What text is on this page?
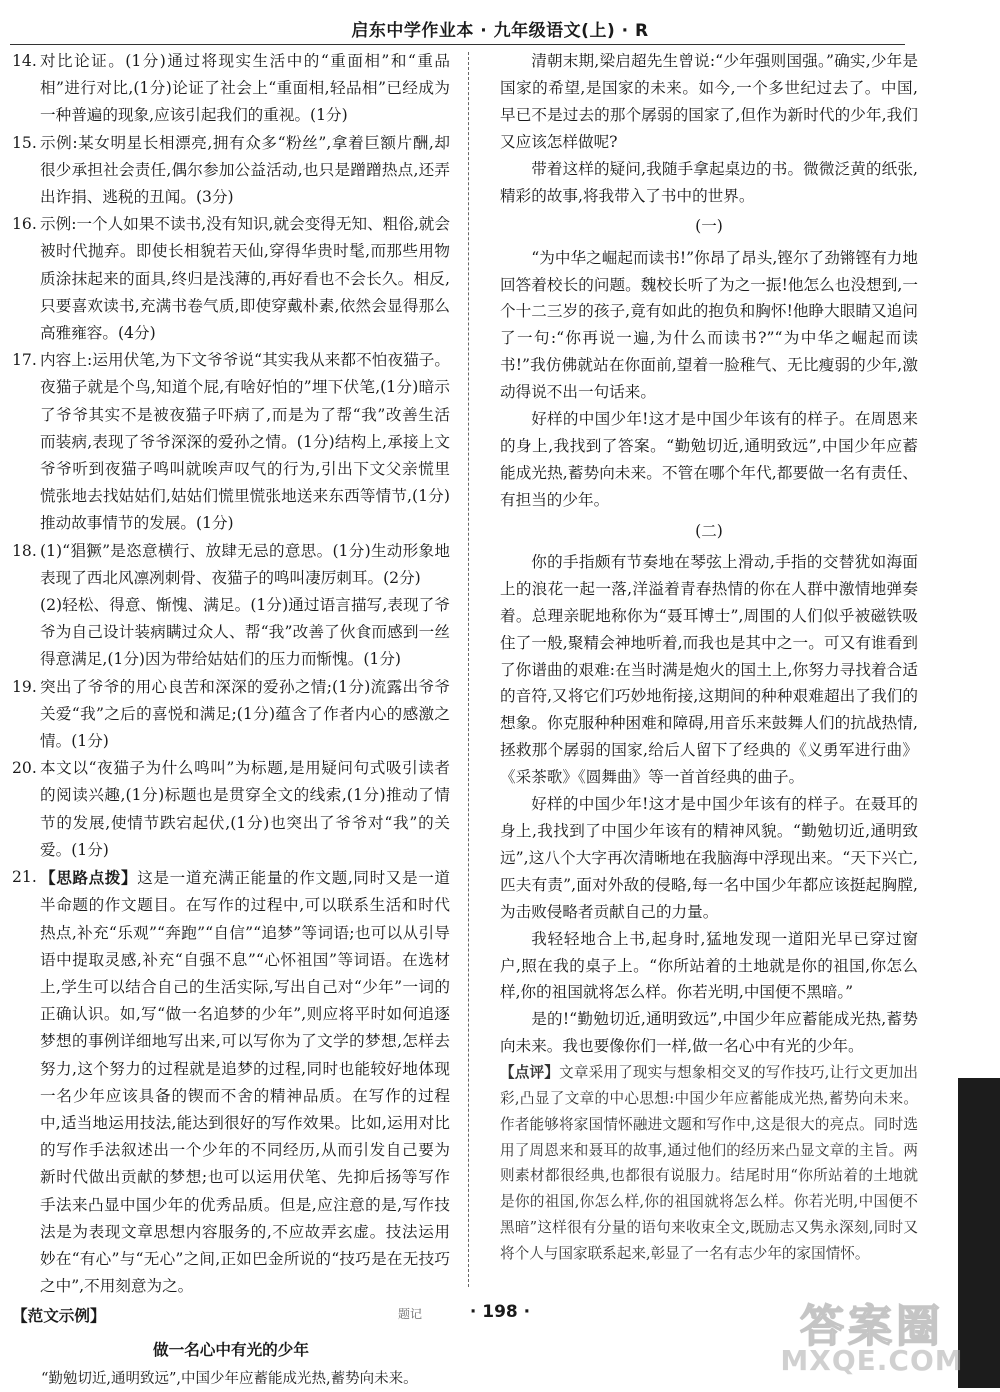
启东中学作业本 · 九年级语文(上) · R
14. 对比论证。(1分)通过将现实生活中的“重面相”和“重品相”进行对比,(1分)论证了社会上“重面相,轻品相”已经成为一种普遍的现象,应该引起我们的重视。(1分)
15. 示例:某女明星长相漂亮,拥有众多“粉丝”,拿着巨额片酬,却很少承担社会责任,偶尔参加公益活动,也只是蹭蹭热点,还弄出诈捐、逃税的丑闻。(3分)
16. 示例:一个人如果不读书,没有知识,就会变得无知、粗俗,就会被时代抛弃。即使长相貌若天仙,穿得华贵时髦,而那些用物质涂抹起来的面具,终归是浅薄的,再好看也不会长久。相反,只要喜欢读书,充满书卷气质,即使穿戴朴素,依然会显得那么高雅雍容。(4分)
17. 内容上:运用伏笔,为下文爷爷说“其实我从来都不怕夜猫子。夜猫子就是个鸟,知道个屁,有啥好怕的”埋下伏笔,(1分)暗示了爷爷其实不是被夜猫子吓病了,而是为了帮“我”改善生活而装病,表现了爷爷深深的爱孙之情。(1分)结构上,承接上文爷爷听到夜猫子鸣叫就唉声叹气的行为,引出下文父亲慌里慌张地去找姑姑们,姑姑们慌里慌张地送来东西等情节,(1分)推动故事情节的发展。(1分)
18. (1)“猖獗”是恣意横行、放肆无忌的意思。(1分)生动形象地表现了西北风凛冽刺骨、夜猫子的鸣叫凄厉刺耳。(2分)
(2)轻松、得意、惭愧、满足。(1分)通过语言描写,表现了爷爷为自己设计装病瞒过众人、帮“我”改善了伙食而感到一丝得意满足,(1分)因为带给姑姑们的压力而惭愧。(1分)
19. 突出了爷爷的用心良苦和深深的爱孙之情;(1分)流露出爷爷关爱“我”之后的喜悦和满足;(1分)蕴含了作者内心的感激之情。(1分)
20. 本文以“夜猫子为什么鸣叫”为标题,是用疑问句式吸引读者的阅读兴趣,(1分)标题也是贯穿全文的线索,(1分)推动了情节的发展,使情节跌宕起伏,(1分)也突出了爷爷对“我”的关爱。(1分)
21. 【思路点拨】这是一道充满正能量的作文题,同时又是一道半命题的作文题目。在写作的过程中,可以联系生活和时代热点,补充“乐观”“奔跑”“自信”“追梦”等词语;也可以从引导语中提取灵感,补充“自强不息”“心怀祖国”等词语。在选材上,学生可以结合自己的生活实际,写出自己对“少年”一词的正确认识。如,写“做一名追梦的少年”,则应将平时如何追逐梦想的事例详细地写出来,可以写你为了文学的梦想,怎样去努力,这个努力的过程就是追梦的过程,同时也能较好地体现一名少年应该具备的锲而不舍的精神品质。在写作的过程中,适当地运用技法,能达到很好的写作效果。比如,运用对比的写作手法叙述出一个少年的不同经历,从而引发自己要为新时代做出贡献的梦想;也可以运用伏笔、先抑后扬等写作手法来凸显中国少年的优秀品质。但是,应注意的是,写作技法是为表现文章思想内容服务的,不应故弄玄虚。技法运用妙在“有心”与“无心”之间,正如巴金所说的“技巧是在无技巧之中”,不用刻意为之。
【范文示例】
做一名心中有光的少年
“勤勉切近,通明致远”,中国少年应蓄能成光热,蓄势向未来。
清朝末期,梁启超先生曾说:“少年强则国强。”确实,少年是国家的希望,是国家的未来。如今,一个多世纪过去了。中国,早已不是过去的那个孱弱的国家了,但作为新时代的少年,我们又应该怎样做呢?
带着这样的疑问,我随手拿起桌边的书。微微泛黄的纸张,精彩的故事,将我带入了书中的世界。
(一)
“为中华之崛起而读书!”你昂了昂头,铿尔了劲锵铿有力地回答着校长的问题。魏校长听了为之一振!他怎么也没想到,一个十二三岁的孩子,竟有如此的抱负和胸怀!他睁大眼睛又追问了一句:“你再说一遍,为什么而读书?”“为中华之崛起而读书!”我仿佛就站在你面前,望着一脸稚气、无比瘦弱的少年,激动得说不出一句话来。
好样的中国少年!这才是中国少年该有的样子。在周恩来的身上,我找到了答案。“勤勉切近,通明致远”,中国少年应蓄能成光热,蓄势向未来。不管在哪个年代,都要做一名有责任、有担当的少年。
(二)
你的手指颇有节奏地在琴弦上滑动,手指的交替犹如海面上的浪花一起一落,洋溢着青春热情的你在人群中激情地弹奏着。总理亲昵地称你为“聂耳博士”,周围的人们似乎被磁铁吸住了一般,聚精会神地听着,而我也是其中之一。可又有谁看到了你谱曲的艰难:在当时满是炮火的国土上,你努力寻找着合适的音符,又将它们巧妙地衔接,这期间的种种艰难超出了我们的想象。你克服种种困难和障碍,用音乐来鼓舞人们的抗战热情,拯救那个孱弱的国家,给后人留下了经典的《义勇军进行曲》《采茶歌》《圆舞曲》等一首首经典的曲子。
好样的中国少年!这才是中国少年该有的样子。在聂耳的身上,我找到了中国少年该有的精神风貌。“勤勉切近,通明致远”,这八个大字再次清晰地在我脑海中浮现出来。“天下兴亡,匹夫有责”,面对外敌的侵略,每一名中国少年都应该挺起胸膛,为击败侵略者贡献自己的力量。
我轻轻地合上书,起身时,猛地发现一道阳光早已穿过窗户,照在我的桌子上。“你所站着的土地就是你的祖国,你怎么样,你的祖国就将怎么样。你若光明,中国便不黑暗。”
是的!“勤勉切近,通明致远”,中国少年应蓄能成光热,蓄势向未来。我也要像你们一样,做一名心中有光的少年。
【点评】文章采用了现实与想象相交叉的写作技巧,让行文更加出彩,凸显了文章的中心思想:中国少年应蓄能成光热,蓄势向未来。作者能够将家国情怀融进文题和写作中,这是很大的亮点。同时选用了周恩来和聂耳的故事,通过他们的经历来凸显文章的主旨。两则素材都很经典,也都很有说服力。结尾时用“你所站着的土地就是你的祖国,你怎么样,你的祖国就将怎么样。你若光明,中国便不黑暗”这样很有分量的语句来收束全文,既励志又隽永深刻,同时又将个人与国家联系起来,彰显了一名有志少年的家国情怀。
题记	· 198 ·	答案圈
MXQE.COM
